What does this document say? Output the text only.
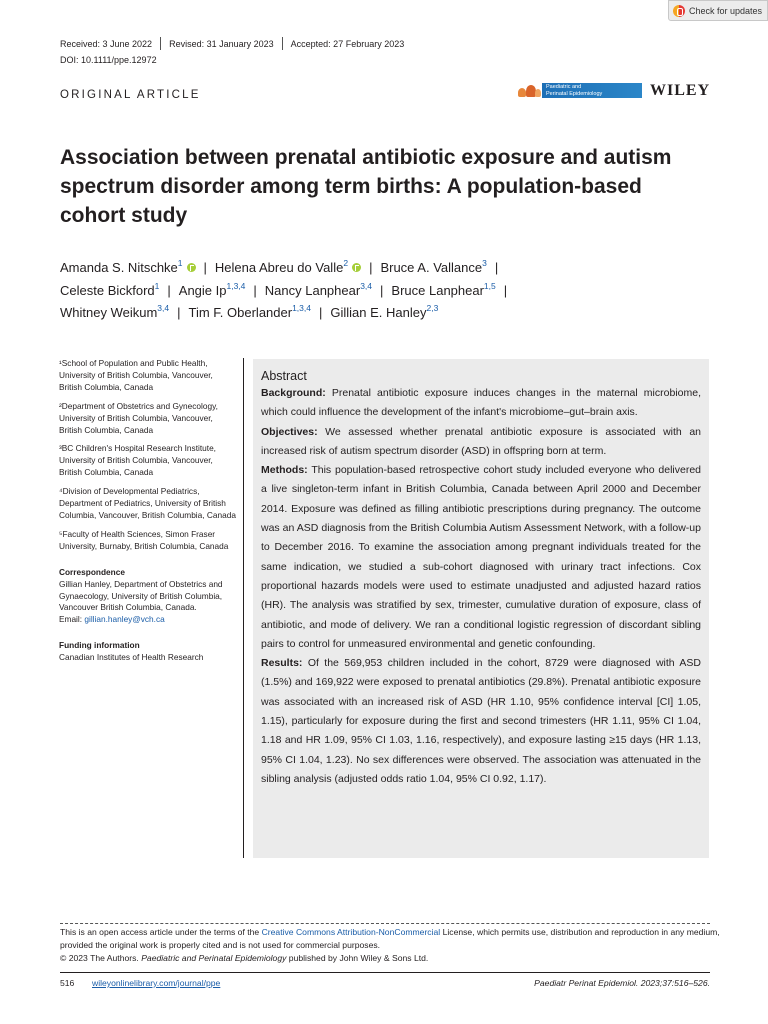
Check for updates
Received: 3 June 2022 Revised: 31 January 2023 Accepted: 27 February 2023
DOI: 10.1111/ppe.12972
ORIGINAL ARTICLE
Paediatric and
Perinatal Epidemiology	WILEY
Association between prenatal antibiotic exposure and autism spectrum disorder among term births: A population-based cohort study
Amanda S. Nitschke$^1$ | Helena Abreu do Valle$^2$ | Bruce A. Vallance$^3$ |
Celeste Bickford$^1$ | Angie Ip$^{1,3,4}$ | Nancy Lanphear$^{3,4}$ | Bruce Lanphear$^{1,5}$ |
Whitney Weikum$^{3,4}$ | Tim F. Oberlander$^{1,3,4}$ | Gillian E. Hanley$^{2,3}$

¹School of Population and Public Health, University of British Columbia, Vancouver, British Columbia, Canada

²Department of Obstetrics and Gynecology, University of British Columbia, Vancouver, British Columbia, Canada

³BC Children's Hospital Research Institute, University of British Columbia, Vancouver, British Columbia, Canada

⁴Division of Developmental Pediatrics, Department of Pediatrics, University of British Columbia, Vancouver, British Columbia, Canada

⁵Faculty of Health Sciences, Simon Fraser University, Burnaby, British Columbia, Canada

Correspondence

Gillian Hanley, Department of Obstetrics and Gynaecology, University of British Columbia, Vancouver British Columbia, Canada.

Email: gillian.hanley@vch.ca

Funding information

Canadian Institutes of Health Research

Abstract

Background: Prenatal antibiotic exposure induces changes in the maternal microbiome, which could influence the development of the infant's microbiome–gut–brain axis.

Objectives: We assessed whether prenatal antibiotic exposure is associated with an increased risk of autism spectrum disorder (ASD) in offspring born at term.

Methods: This population-based retrospective cohort study included everyone who delivered a live singleton-term infant in British Columbia, Canada between April 2000 and December 2014. Exposure was defined as filling antibiotic prescriptions during pregnancy. The outcome was an ASD diagnosis from the British Columbia Autism Assessment Network, with a follow-up to December 2016. To examine the association among pregnant individuals treated for the same indication, we studied a sub-cohort diagnosed with urinary tract infections. Cox proportional hazards models were used to estimate unadjusted and adjusted hazard ratios (HR). The analysis was stratified by sex, trimester, cumulative duration of exposure, class of antibiotic, and mode of delivery. We ran a conditional logistic regression of discordant sibling pairs to control for unmeasured environmental and genetic confounding.

Results: Of the 569,953 children included in the cohort, 8729 were diagnosed with ASD (1.5%) and 169,922 were exposed to prenatal antibiotics (29.8%). Prenatal antibiotic exposure was associated with an increased risk of ASD (HR 1.10, 95% confidence interval [CI] 1.05, 1.15), particularly for exposure during the first and second trimesters (HR 1.11, 95% CI 1.04, 1.18 and HR 1.09, 95% CI 1.03, 1.16, respectively), and exposure lasting ≥15 days (HR 1.13, 95% CI 1.04, 1.23). No sex differences were observed. The association was attenuated in the sibling analysis (adjusted odds ratio 1.04, 95% CI 0.92, 1.17).

This is an open access article under the terms of the Creative Commons Attribution-NonCommercial License, which permits use, distribution and reproduction in any medium, provided the original work is properly cited and is not used for commercial purposes.
© 2023 The Authors. Paediatric and Perinatal Epidemiology published by John Wiley & Sons Ltd.
516 wileyonlinelibrary.com/journal/ppe	Paediatr Perinat Epidemiol. 2023;37:516–526.
